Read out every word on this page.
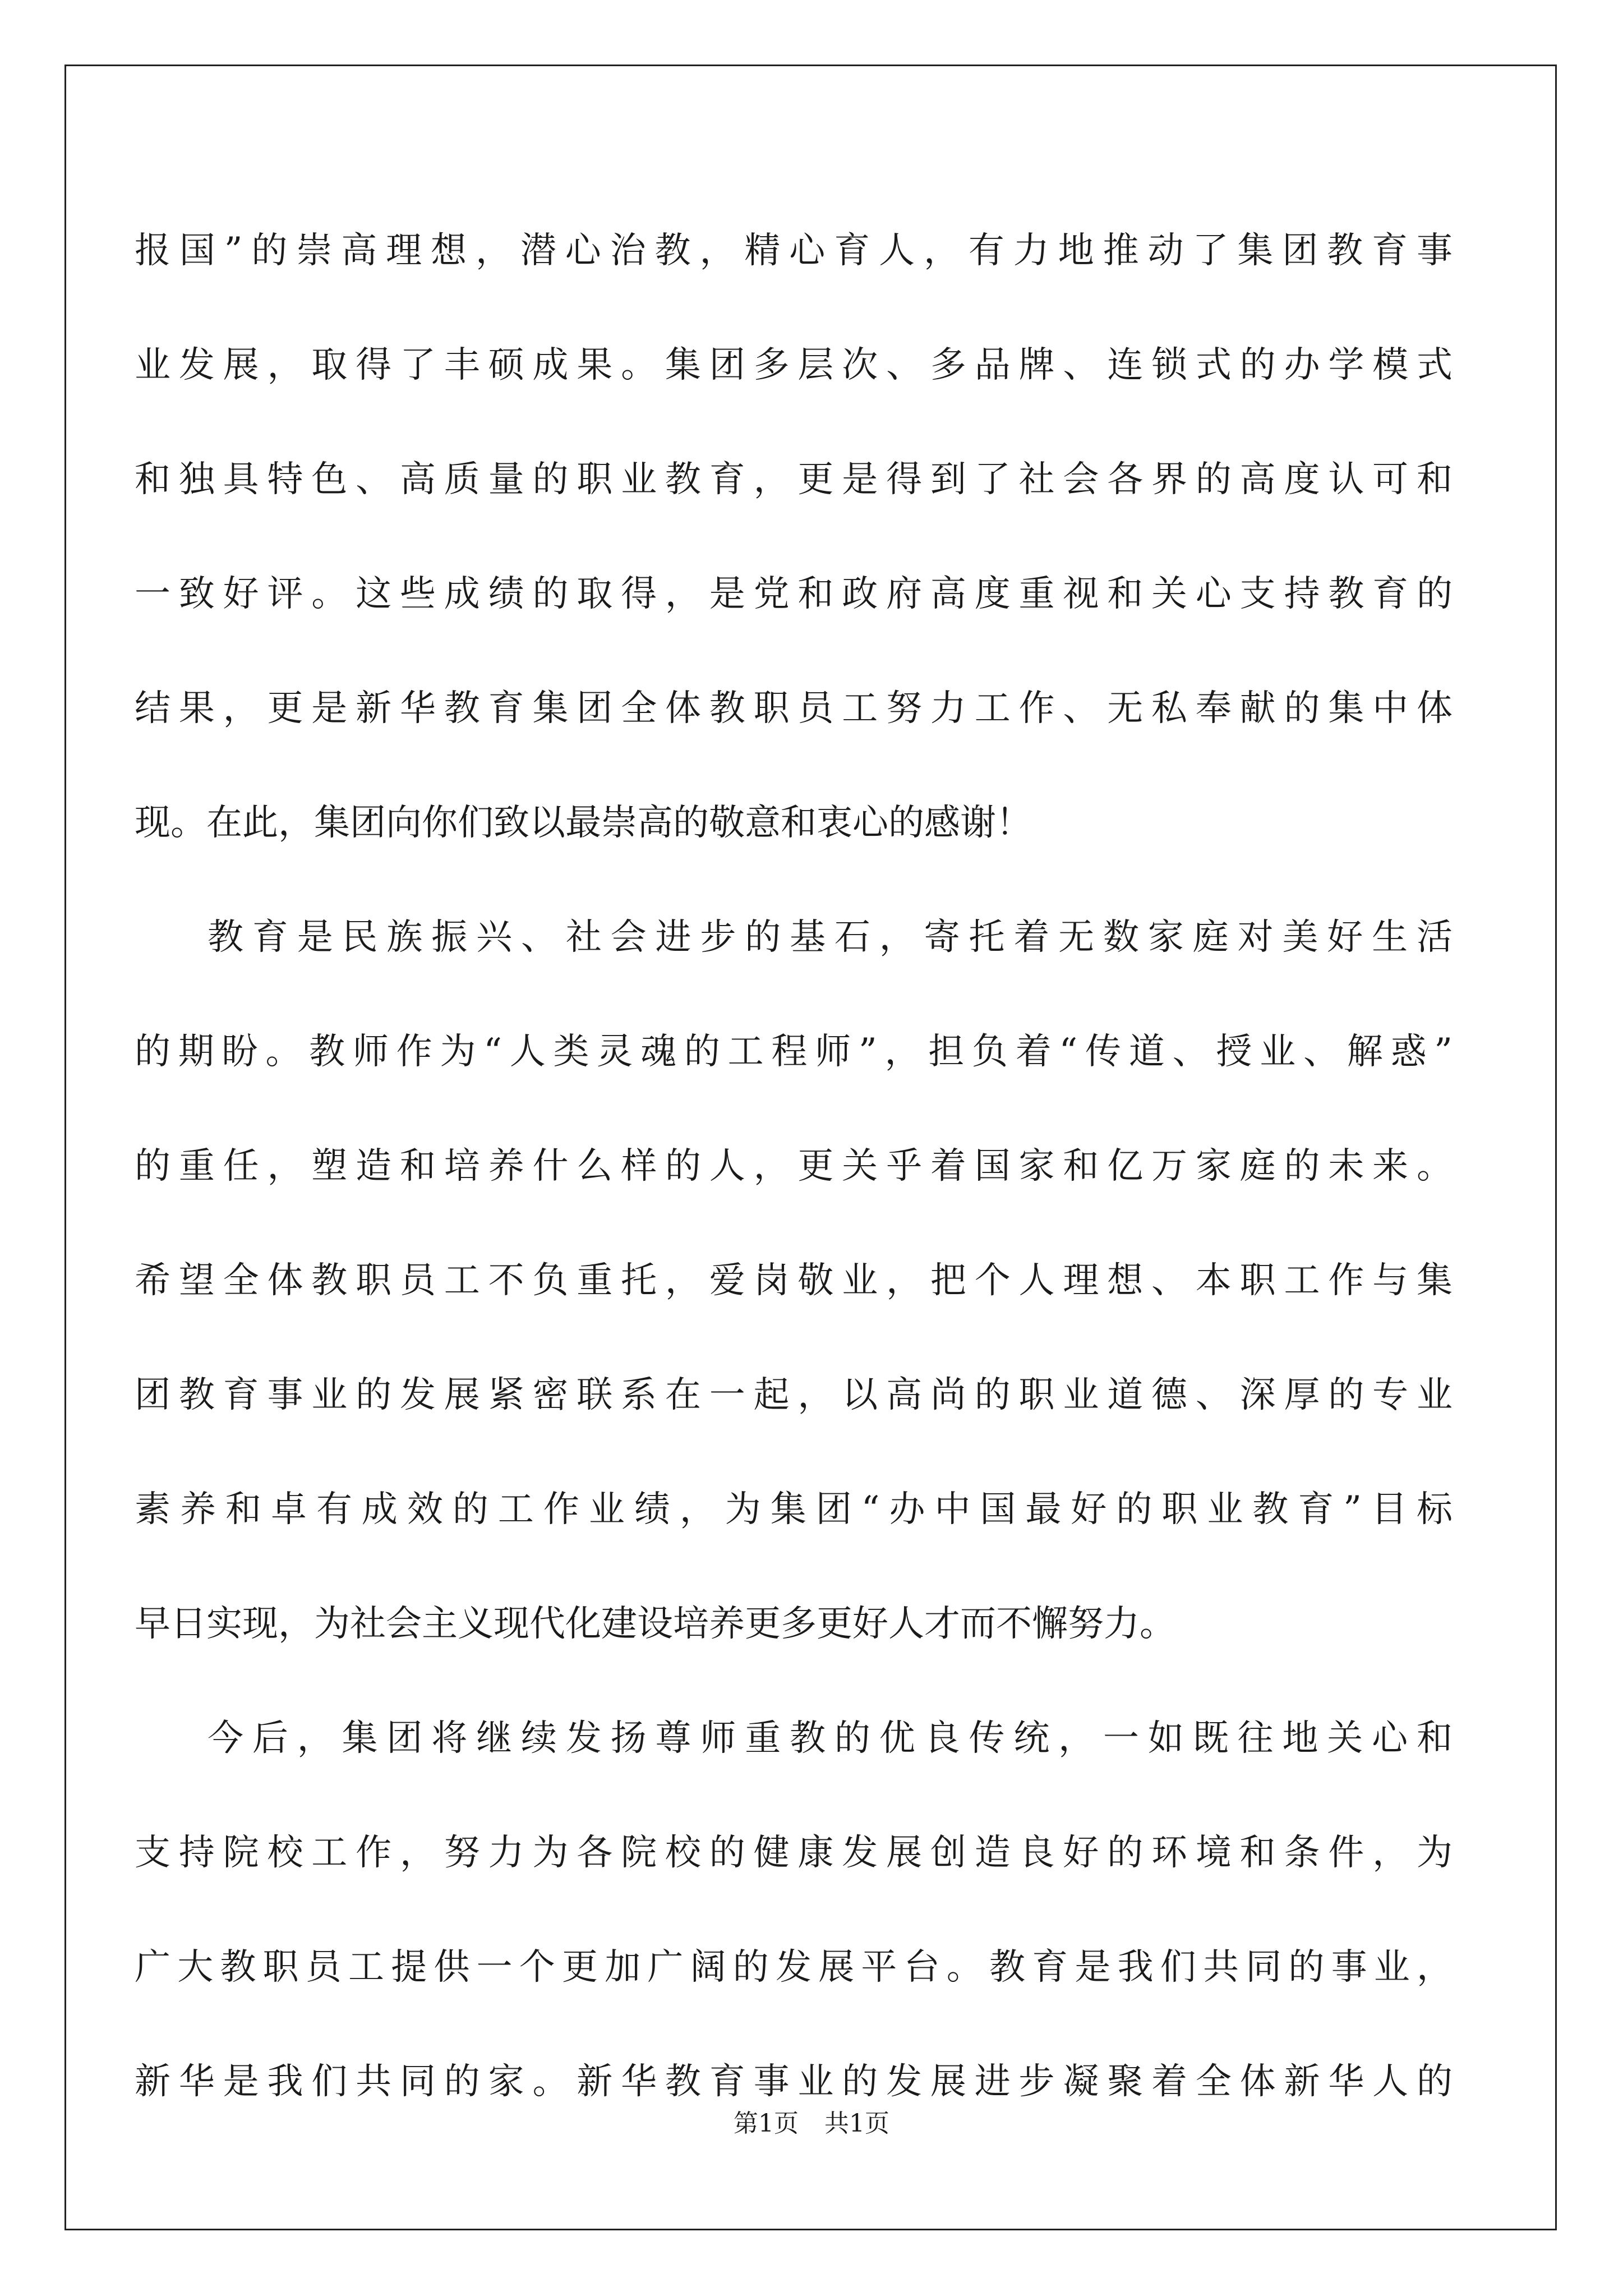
报国”的崇高理想，潜心治教，精心育人，有力地推动了集团教育事
业发展，取得了丰硕成果。集团多层次、多品牌、连锁式的办学模式
和独具特色、高质量的职业教育，更是得到了社会各界的高度认可和
一致好评。这些成绩的取得，是党和政府高度重视和关心支持教育的
结果，更是新华教育集团全体教职员工努力工作、无私奉献的集中体
现。在此，集团向你们致以最崇高的敬意和衷心的感谢！
教育是民族振兴、社会进步的基石，寄托着无数家庭对美好生活
的期盼。教师作为“人类灵魂的工程师”，担负着“传道、授业、解惑”
的重任，塑造和培养什么样的人，更关乎着国家和亿万家庭的未来。
希望全体教职员工不负重托，爱岗敬业，把个人理想、本职工作与集
团教育事业的发展紧密联系在一起，以高尚的职业道德、深厚的专业
素养和卓有成效的工作业绩，为集团“办中国最好的职业教育”目标
早日实现，为社会主义现代化建设培养更多更好人才而不懈努力。
今后，集团将继续发扬尊师重教的优良传统，一如既往地关心和
支持院校工作，努力为各院校的健康发展创造良好的环境和条件，为
广大教职员工提供一个更加广阔的发展平台。教育是我们共同的事业，
新华是我们共同的家。新华教育事业的发展进步凝聚着全体新华人的
第1页 共1页
